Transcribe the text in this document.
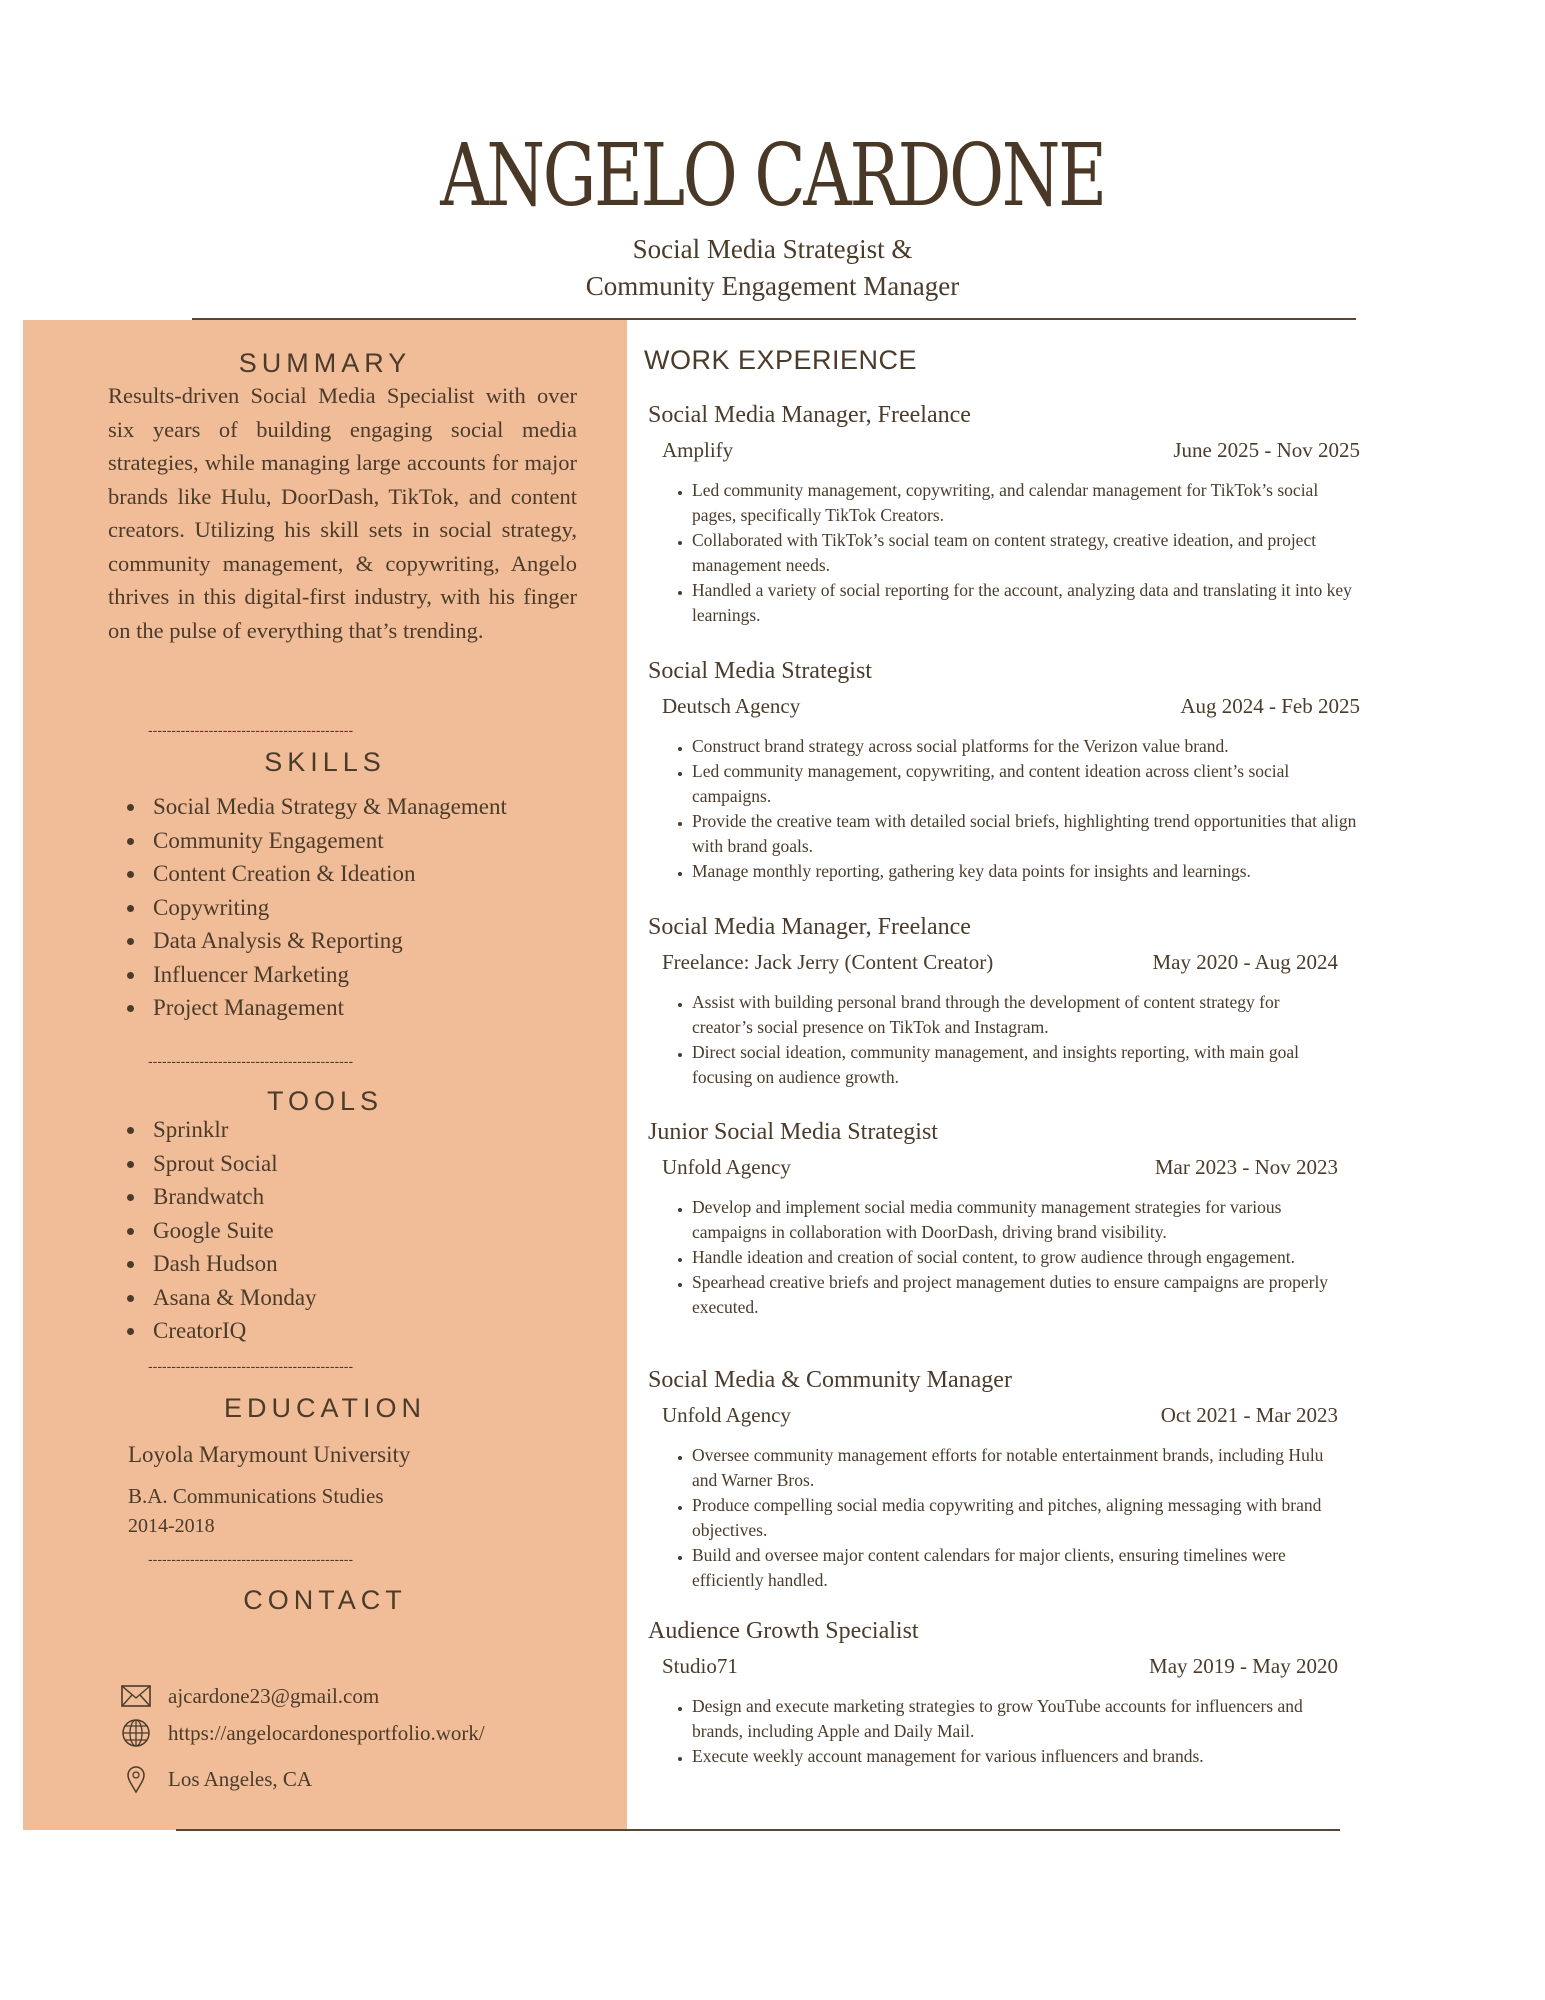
ANGELO CARDONE
Social Media Strategist &
Community Engagement Manager
SUMMARY
Results-driven Social Media Specialist with over six years of building engaging social media strategies, while managing large accounts for major brands like Hulu, DoorDash, TikTok, and content creators. Utilizing his skill sets in social strategy, community management, & copywriting, Angelo thrives in this digital-first industry, with his finger on the pulse of everything that’s trending.
--------------------------------------------
SKILLS
Social Media Strategy & Management
Community Engagement
Content Creation & Ideation
Copywriting
Data Analysis & Reporting
Influencer Marketing
Project Management
--------------------------------------------
TOOLS
Sprinklr
Sprout Social
Brandwatch
Google Suite
Dash Hudson
Asana & Monday
CreatorIQ
--------------------------------------------
EDUCATION
Loyola Marymount University
B.A. Communications Studies
2014-2018
--------------------------------------------
CONTACT
ajcardone23@gmail.com
https://angelocardonesportfolio.work/
Los Angeles, CA
WORK EXPERIENCE
Social Media Manager, Freelance
Amplify	June 2025 - Nov 2025
• Led community management, copywriting, and calendar management for TikTok’s social pages, specifically TikTok Creators.
• Collaborated with TikTok’s social team on content strategy, creative ideation, and project management needs.
• Handled a variety of social reporting for the account, analyzing data and translating it into key learnings.
Social Media Strategist
Deutsch Agency	Aug 2024 - Feb 2025
• Construct brand strategy across social platforms for the Verizon value brand.
• Led community management, copywriting, and content ideation across client’s social campaigns.
• Provide the creative team with detailed social briefs, highlighting trend opportunities that align with brand goals.
• Manage monthly reporting, gathering key data points for insights and learnings.
Social Media Manager, Freelance
Freelance: Jack Jerry (Content Creator)	May 2020 - Aug 2024
• Assist with building personal brand through the development of content strategy for creator’s social presence on TikTok and Instagram.
• Direct social ideation, community management, and insights reporting, with main goal focusing on audience growth.
Junior Social Media Strategist
Unfold Agency	Mar 2023 - Nov 2023
• Develop and implement social media community management strategies for various campaigns in collaboration with DoorDash, driving brand visibility.
• Handle ideation and creation of social content, to grow audience through engagement.
• Spearhead creative briefs and project management duties to ensure campaigns are properly executed.
Social Media & Community Manager
Unfold Agency	Oct 2021 - Mar 2023
• Oversee community management efforts for notable entertainment brands, including Hulu and Warner Bros.
• Produce compelling social media copywriting and pitches, aligning messaging with brand objectives.
• Build and oversee major content calendars for major clients, ensuring timelines were efficiently handled.
Audience Growth Specialist
Studio71	May 2019 - May 2020
• Design and execute marketing strategies to grow YouTube accounts for influencers and brands, including Apple and Daily Mail.
• Execute weekly account management for various influencers and brands.
